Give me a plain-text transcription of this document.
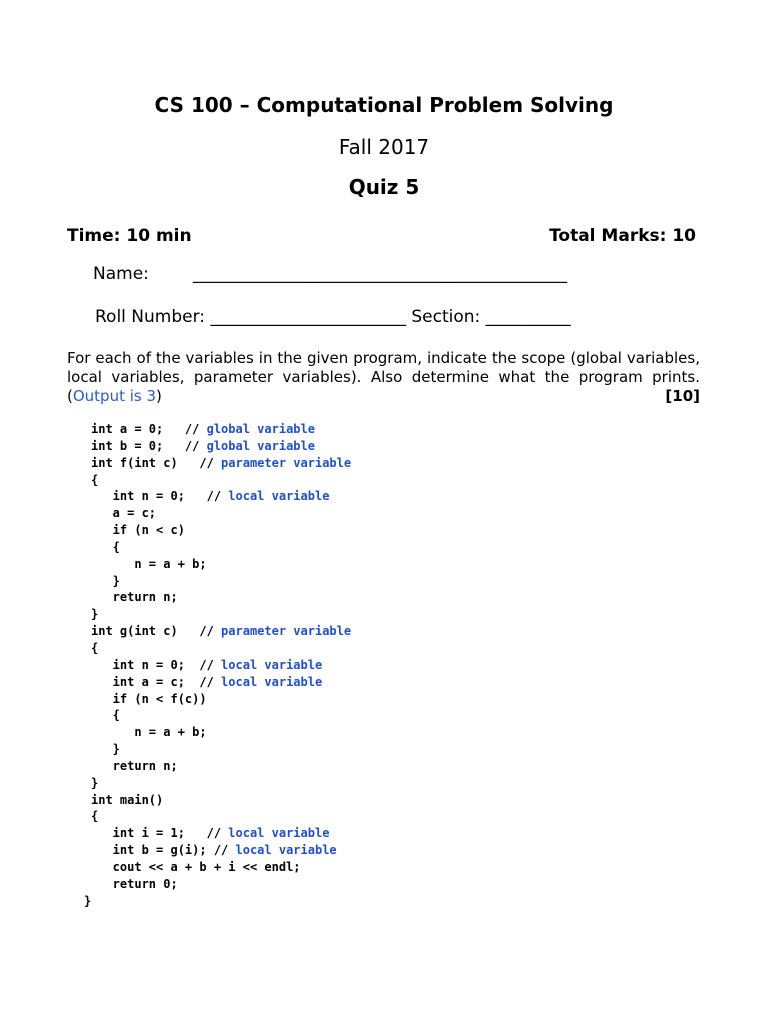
CS 100 – Computational Problem Solving
Fall 2017
Quiz 5
Time: 10 min	Total Marks: 10
Name:	____________________________________________
Roll Number: _______________________ Section: __________
For each of the variables in the given program, indicate the scope (global variables, local variables, parameter variables). Also determine what the program prints. (Output is 3)	[10]
int a = 0;   // global variable
int b = 0;   // global variable
int f(int c)   // parameter variable
{
int n = 0;   // local variable
a = c;
if (n < c)
{
n = a + b;
}
return n;
}
int g(int c)   // parameter variable
{
int n = 0;  // local variable
int a = c;  // local variable
if (n < f(c))
{
n = a + b;
}
return n;
}
int main()
{
int i = 1;   // local variable
int b = g(i); // local variable
cout << a + b + i << endl;
return 0;
}
